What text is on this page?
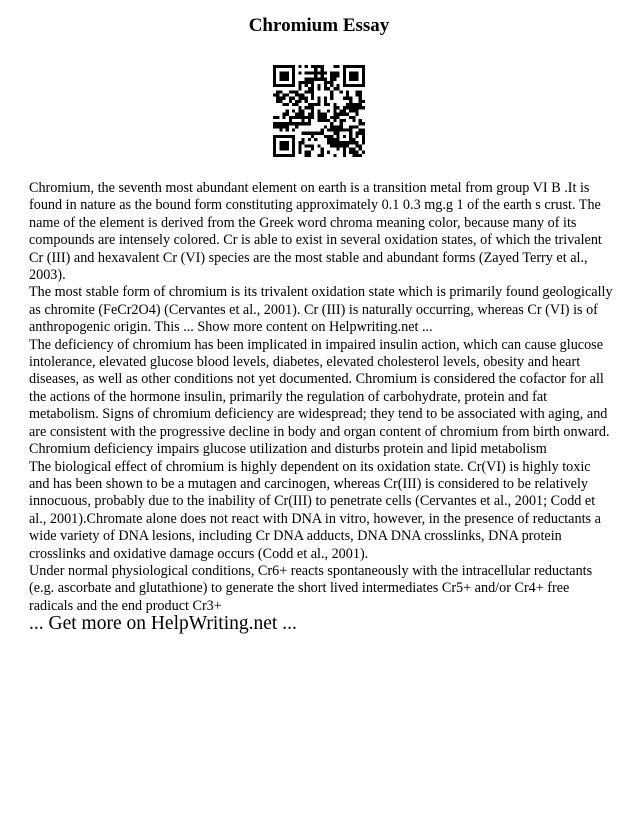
Chromium Essay

Chromium, the seventh most abundant element on earth is a transition metal from group VI B .It is found in nature as the bound form constituting approximately 0.1 0.3 mg.g 1 of the earth s crust. The name of the element is derived from the Greek word chroma meaning color, because many of its compounds are intensely colored. Cr is able to exist in several oxidation states, of which the trivalent Cr (III) and hexavalent Cr (VI) species are the most stable and abundant forms (Zayed Terry et al., 2003).

The most stable form of chromium is its trivalent oxidation state which is primarily found geologically as chromite (FeCr2O4) (Cervantes et al., 2001). Cr (III) is naturally occurring, whereas Cr (VI) is of anthropogenic origin. This ... Show more content on Helpwriting.net ...

The deficiency of chromium has been implicated in impaired insulin action, which can cause glucose intolerance, elevated glucose blood levels, diabetes, elevated cholesterol levels, obesity and heart diseases, as well as other conditions not yet documented. Chromium is considered the cofactor for all the actions of the hormone insulin, primarily the regulation of carbohydrate, protein and fat metabolism. Signs of chromium deficiency are widespread; they tend to be associated with aging, and are consistent with the progressive decline in body and organ content of chromium from birth onward.

Chromium deficiency impairs glucose utilization and disturbs protein and lipid metabolism

The biological effect of chromium is highly dependent on its oxidation state. Cr(VI) is highly toxic and has been shown to be a mutagen and carcinogen, whereas Cr(III) is considered to be relatively innocuous, probably due to the inability of Cr(III) to penetrate cells (Cervantes et al., 2001; Codd et al., 2001).Chromate alone does not react with DNA in vitro, however, in the presence of reductants a wide variety of DNA lesions, including Cr DNA adducts, DNA DNA crosslinks, DNA protein crosslinks and oxidative damage occurs (Codd et al., 2001).

Under normal physiological conditions, Cr6+ reacts spontaneously with the intracellular reductants (e.g. ascorbate and glutathione) to generate the short lived intermediates Cr5+ and/or Cr4+ free radicals and the end product Cr3+

... Get more on HelpWriting.net ...
